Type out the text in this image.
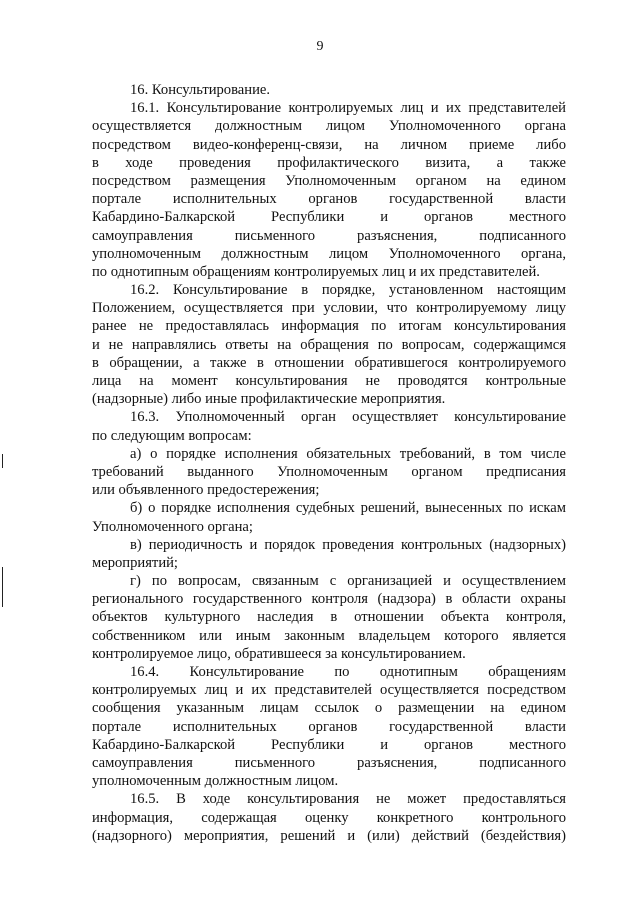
9
16. Консультирование.
16.1. Консультирование контролируемых лиц и их представителей
осуществляется должностным лицом Уполномоченного органа
посредством видео-конференц-связи, на личном приеме либо
в ходе проведения профилактического визита, а также
посредством размещения Уполномоченным органом на едином
портале исполнительных органов государственной власти
Кабардино-Балкарской Республики и органов местного
самоуправления письменного разъяснения, подписанного
уполномоченным должностным лицом Уполномоченного органа,
по однотипным обращениям контролируемых лиц и их представителей.
16.2. Консультирование в порядке, установленном настоящим
Положением, осуществляется при условии, что контролируемому лицу
ранее не предоставлялась информация по итогам консультирования
и не направлялись ответы на обращения по вопросам, содержащимся
в обращении, а также в отношении обратившегося контролируемого
лица на момент консультирования не проводятся контрольные
(надзорные) либо иные профилактические мероприятия.
16.3. Уполномоченный орган осуществляет консультирование
по следующим вопросам:
а) о порядке исполнения обязательных требований, в том числе
требований выданного Уполномоченным органом предписания
или объявленного предостережения;
б) о порядке исполнения судебных решений, вынесенных по искам
Уполномоченного органа;
в) периодичность и порядок проведения контрольных (надзорных)
мероприятий;
г) по вопросам, связанным с организацией и осуществлением
регионального государственного контроля (надзора) в области охраны
объектов культурного наследия в отношении объекта контроля,
собственником или иным законным владельцем которого является
контролируемое лицо, обратившееся за консультированием.
16.4. Консультирование по однотипным обращениям
контролируемых лиц и их представителей осуществляется посредством
сообщения указанным лицам ссылок о размещении на едином
портале исполнительных органов государственной власти
Кабардино-Балкарской Республики и органов местного
самоуправления письменного разъяснения, подписанного
уполномоченным должностным лицом.
16.5. В ходе консультирования не может предоставляться
информация, содержащая оценку конкретного контрольного
(надзорного) мероприятия, решений и (или) действий (бездействия)
